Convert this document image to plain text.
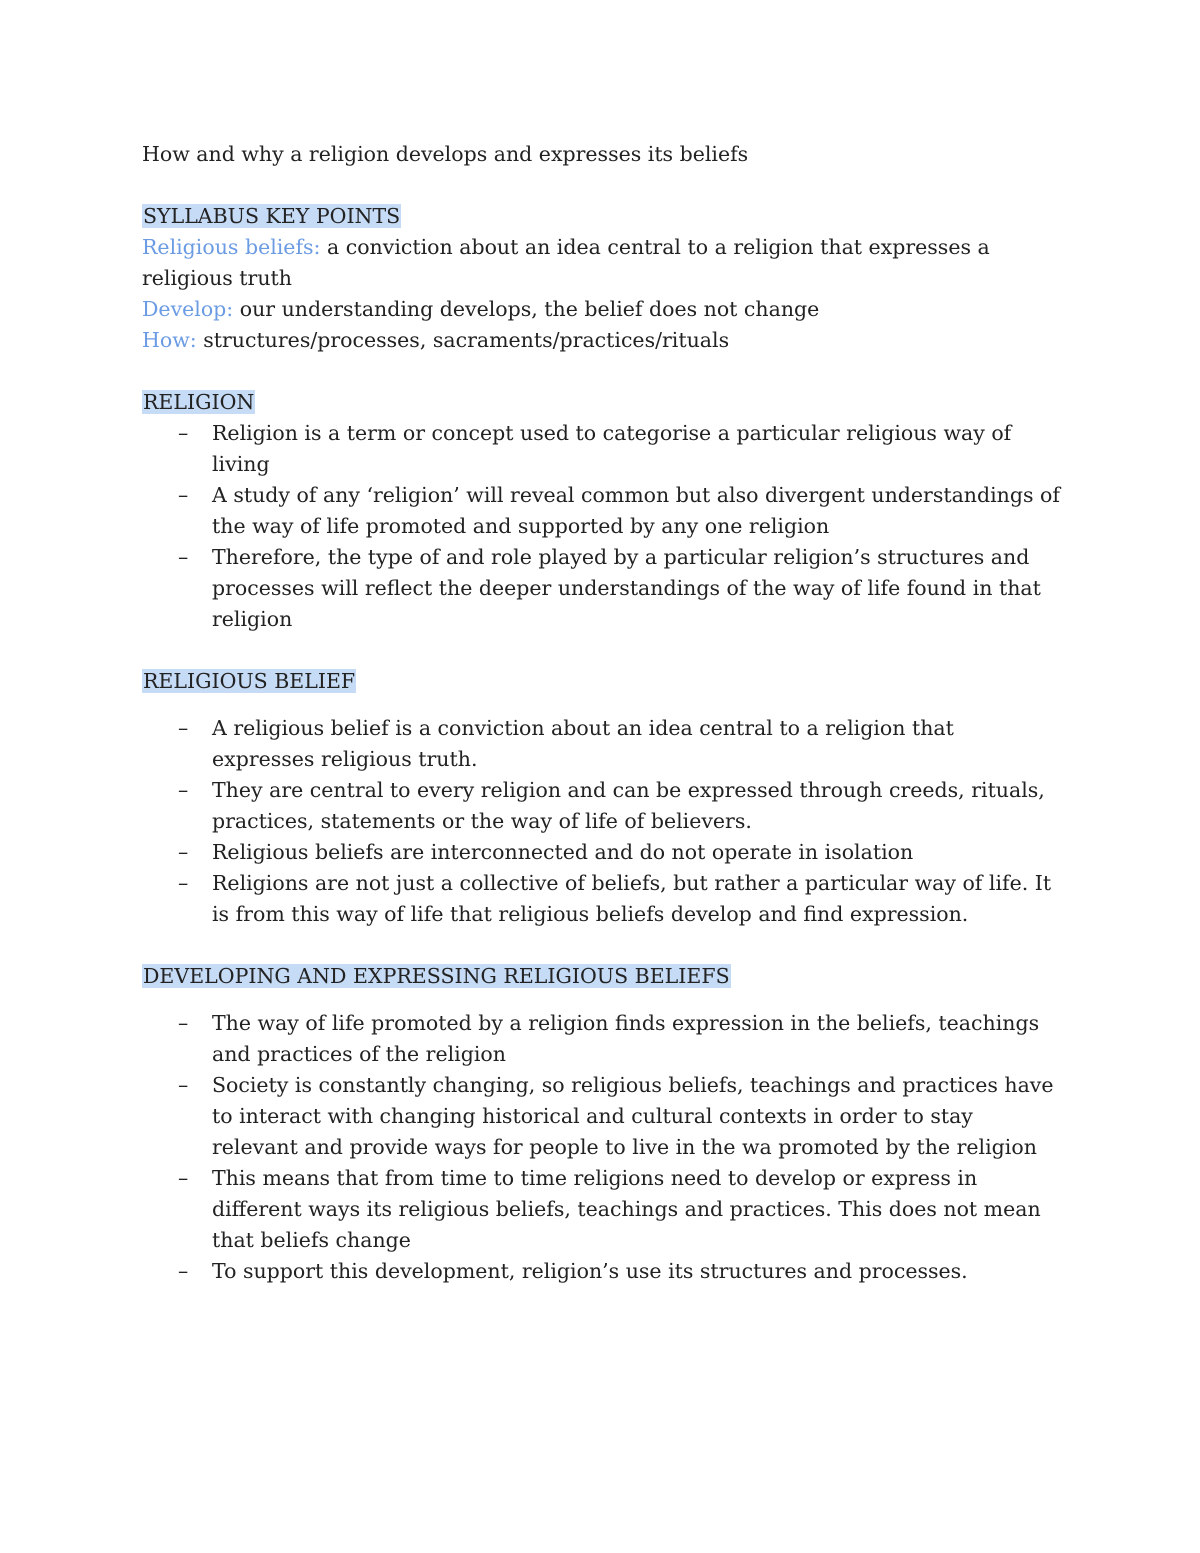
How and why a religion develops and expresses its beliefs

SYLLABUS KEY POINTS

Religious beliefs: a conviction about an idea central to a religion that expresses a religious truth

Develop: our understanding develops, the belief does not change

How: structures/processes, sacraments/practices/rituals

RELIGION

– Religion is a term or concept used to categorise a particular religious way of living
– A study of any ‘religion’ will reveal common but also divergent understandings of the way of life promoted and supported by any one religion
– Therefore, the type of and role played by a particular religion’s structures and processes will reflect the deeper understandings of the way of life found in that religion

RELIGIOUS BELIEF

– A religious belief is a conviction about an idea central to a religion that expresses religious truth.
– They are central to every religion and can be expressed through creeds, rituals, practices, statements or the way of life of believers.
– Religious beliefs are interconnected and do not operate in isolation
– Religions are not just a collective of beliefs, but rather a particular way of life. It is from this way of life that religious beliefs develop and find expression.

DEVELOPING AND EXPRESSING RELIGIOUS BELIEFS

– The way of life promoted by a religion finds expression in the beliefs, teachings and practices of the religion
– Society is constantly changing, so religious beliefs, teachings and practices have to interact with changing historical and cultural contexts in order to stay relevant and provide ways for people to live in the wa promoted by the religion
– This means that from time to time religions need to develop or express in different ways its religious beliefs, teachings and practices. This does not mean that beliefs change
– To support this development, religion’s use its structures and processes.
